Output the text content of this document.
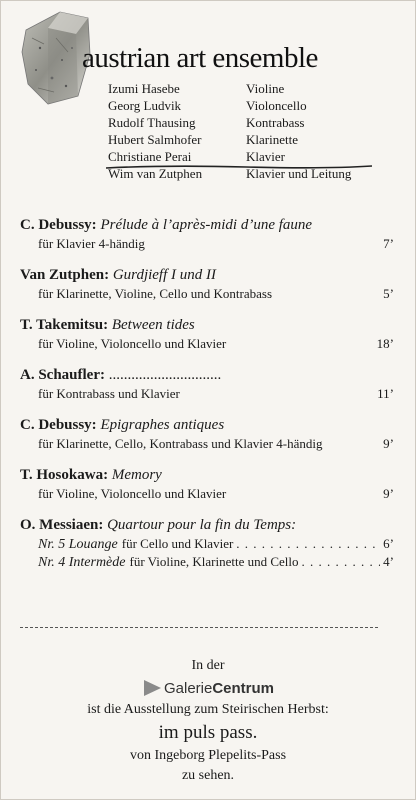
austrian art ensemble
Izumi Hasebe	Violine
Georg Ludvik	Violoncello
Rudolf Thausing	Kontrabass
Hubert Salmhofer	Klarinette
Christiane Perai	Klavier
Wim van Zutphen	Klavier und Leitung
C. Debussy: Prélude à l’après-midi d’une faune
für Klavier 4-händig	7’
Van Zutphen: Gurdjieff I und II
für Klarinette, Violine, Cello und Kontrabass	5’
T. Takemitsu: Between tides
für Violine, Violoncello und Klavier	18’
A. Schaufler: ..............................
für Kontrabass und Klavier	11’
C. Debussy: Epigraphes antiques
für Klarinette, Cello, Kontrabass und Klavier 4-händig	9’
T. Hosokawa: Memory
für Violine, Violoncello und Klavier	9’
O. Messiaen: Quartour pour la fin du Temps:
Nr. 5 Louange für Cello und Klavier . . .	6’
Nr. 4 Intermède für Violine, Klarinette und Cello . . .	4’
In der
Galerie Centrum
ist die Ausstellung zum Steirischen Herbst:
im puls pass.
von Ingeborg Plepelits-Pass
zu sehen.
